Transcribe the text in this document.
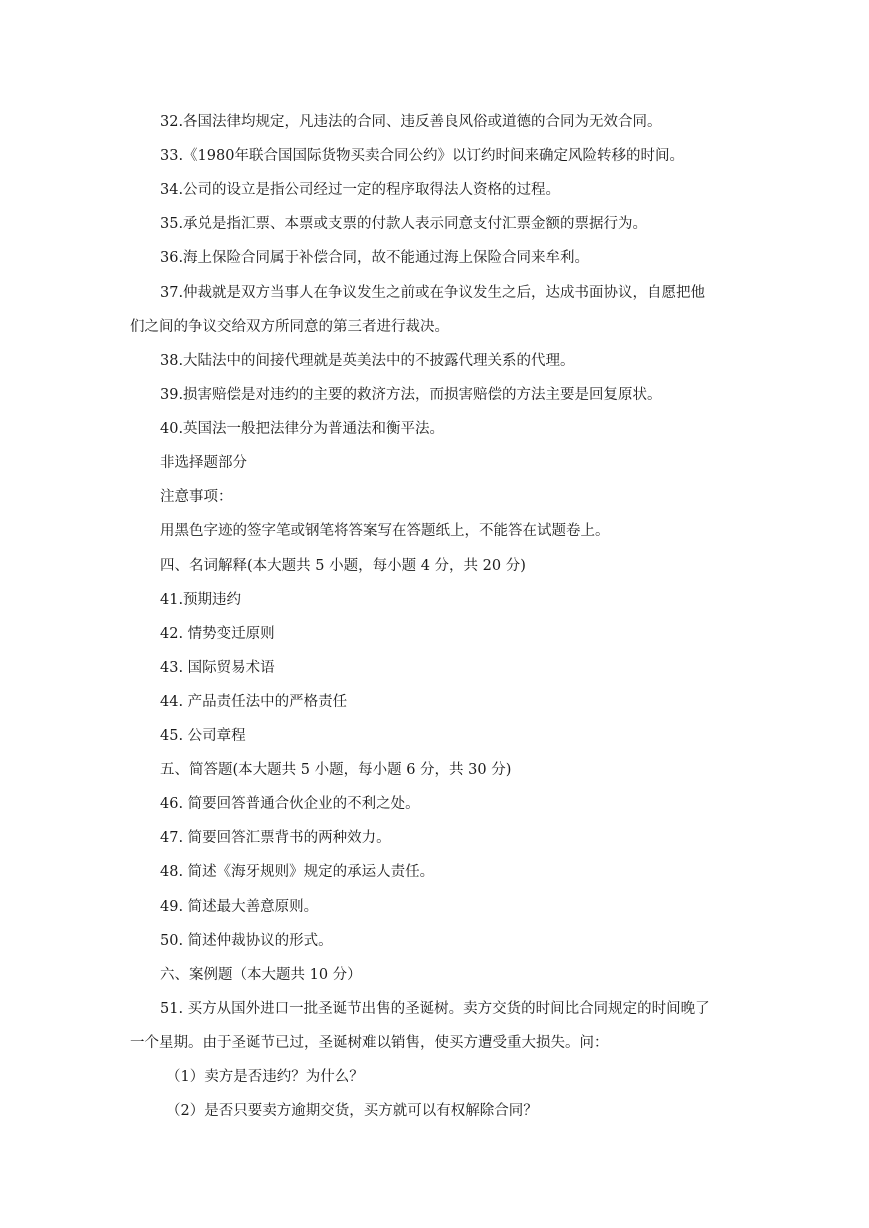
32.各国法律均规定，凡违法的合同、违反善良风俗或道德的合同为无效合同。
33.《1980年联合国国际货物买卖合同公约》以订约时间来确定风险转移的时间。
34.公司的设立是指公司经过一定的程序取得法人资格的过程。
35.承兑是指汇票、本票或支票的付款人表示同意支付汇票金额的票据行为。
36.海上保险合同属于补偿合同，故不能通过海上保险合同来牟利。
37.仲裁就是双方当事人在争议发生之前或在争议发生之后，达成书面协议，自愿把他
们之间的争议交给双方所同意的第三者进行裁决。
38.大陆法中的间接代理就是英美法中的不披露代理关系的代理。
39.损害赔偿是对违约的主要的救济方法，而损害赔偿的方法主要是回复原状。
40.英国法一般把法律分为普通法和衡平法。
非选择题部分
注意事项：
用黑色字迹的签字笔或钢笔将答案写在答题纸上，不能答在试题卷上。
四、名词解释(本大题共 5 小题，每小题 4 分，共 20 分)
41.预期违约
42. 情势变迁原则
43. 国际贸易术语
44. 产品责任法中的严格责任
45. 公司章程
五、简答题(本大题共 5 小题，每小题 6 分，共 30 分)
46. 简要回答普通合伙企业的不利之处。
47. 简要回答汇票背书的两种效力。
48. 简述《海牙规则》规定的承运人责任。
49. 简述最大善意原则。
50. 简述仲裁协议的形式。
六、案例题（本大题共 10 分）
51. 买方从国外进口一批圣诞节出售的圣诞树。卖方交货的时间比合同规定的时间晚了
一个星期。由于圣诞节已过，圣诞树难以销售，使买方遭受重大损失。问：
（1）卖方是否违约？为什么？
（2）是否只要卖方逾期交货，买方就可以有权解除合同？
